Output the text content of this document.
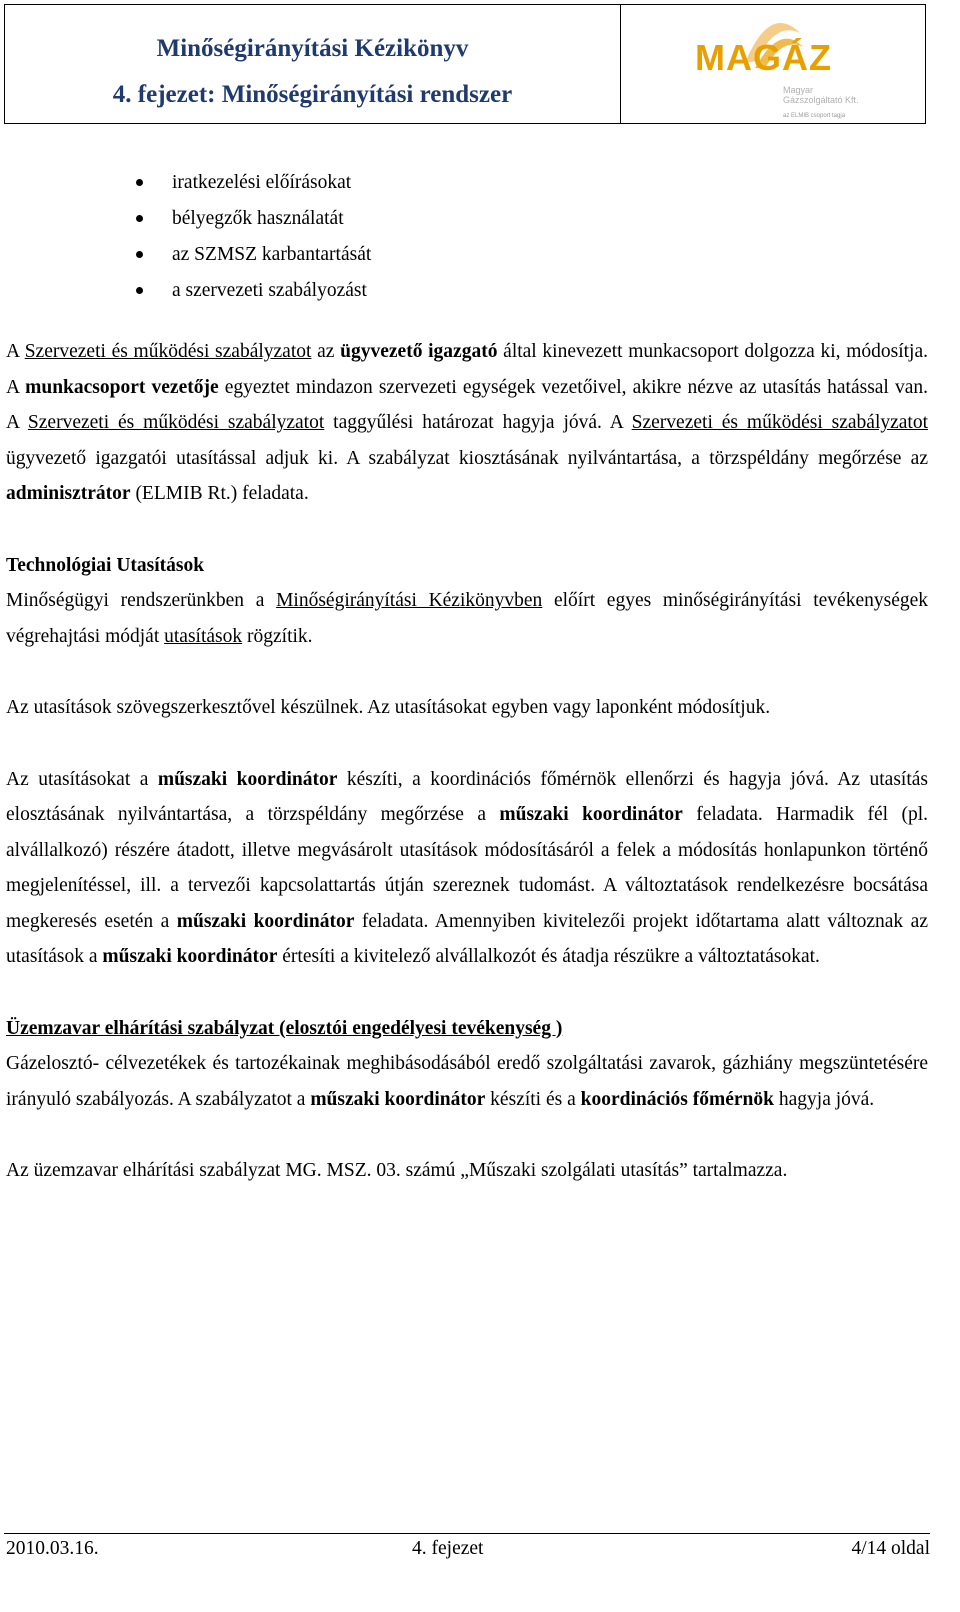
Minőségirányítási Kézikönyv
4. fejezet: Minőségirányítási rendszer
MAGÁZ
Magyar
Gázszolgáltató Kft.
az ELMIB csoport tagja
iratkezelési előírásokat
bélyegzők használatát
az SZMSZ karbantartását
a szervezeti szabályozást

A Szervezeti és működési szabályzatot az ügyvezető igazgató által kinevezett munkacsoport dolgozza ki, módosítja. A munkacsoport vezetője egyeztet mindazon szervezeti egységek vezetőivel, akikre nézve az utasítás hatással van. A Szervezeti és működési szabályzatot taggyűlési határozat hagyja jóvá. A Szervezeti és működési szabályzatot ügyvezető igazgatói utasítással adjuk ki. A szabályzat kiosztásának nyilvántartása, a törzspéldány megőrzése az adminisztrátor (ELMIB Rt.) feladata.

Technológiai Utasítások

Minőségügyi rendszerünkben a Minőségirányítási Kézikönyvben előírt egyes minőségirányítási tevékenységek végrehajtási módját utasítások rögzítik.

Az utasítások szövegszerkesztővel készülnek. Az utasításokat egyben vagy laponként módosítjuk.

Az utasításokat a műszaki koordinátor készíti, a koordinációs főmérnök ellenőrzi és hagyja jóvá. Az utasítás elosztásának nyilvántartása, a törzspéldány megőrzése a műszaki koordinátor feladata. Harmadik fél (pl. alvállalkozó) részére átadott, illetve megvásárolt utasítások módosításáról a felek a módosítás honlapunkon történő megjelenítéssel, ill. a tervezői kapcsolattartás útján szereznek tudomást. A változtatások rendelkezésre bocsátása megkeresés esetén a műszaki koordinátor feladata. Amennyiben kivitelezői projekt időtartama alatt változnak az utasítások a műszaki koordinátor értesíti a kivitelező alvállalkozót és átadja részükre a változtatásokat.

Üzemzavar elhárítási szabályzat (elosztói engedélyesi tevékenység )

Gázelosztó- célvezetékek és tartozékainak meghibásodásából eredő szolgáltatási zavarok, gázhiány megszüntetésére irányuló szabályozás. A szabályzatot a műszaki koordinátor készíti és a koordinációs főmérnök hagyja jóvá.

Az üzemzavar elhárítási szabályzat MG. MSZ. 03. számú „Műszaki szolgálati utasítás” tartalmazza.

2010.03.16.	4. fejezet	4/14 oldal
